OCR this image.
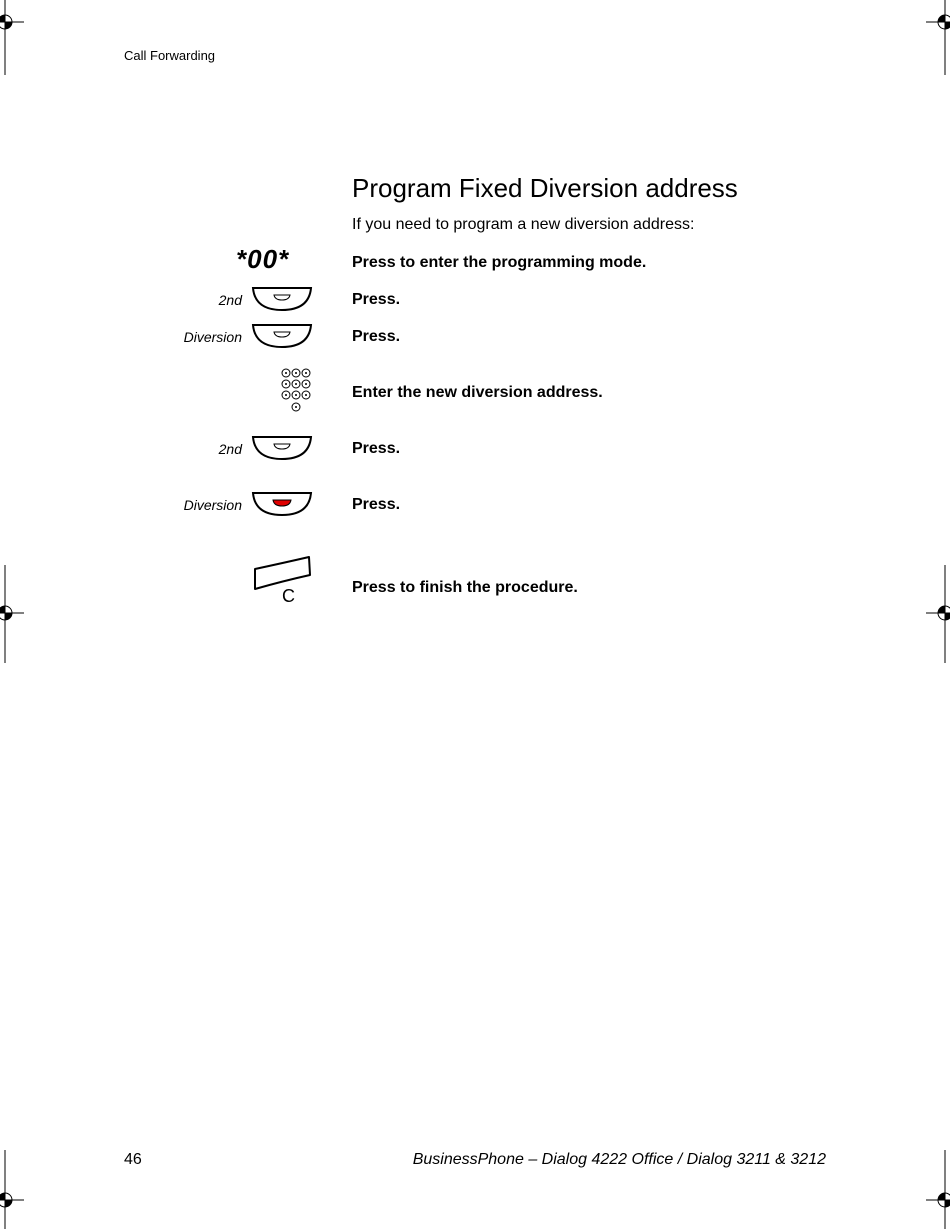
Call Forwarding
Program Fixed Diversion address
If you need to program a new diversion address:
*00*	Press to enter the programming mode.
2nd	Press.
Diversion	Press.
Enter the new diversion address.
2nd	Press.
Diversion	Press.
C	Press to finish the procedure.
46	BusinessPhone – Dialog 4222 Office / Dialog 3211 & 3212
